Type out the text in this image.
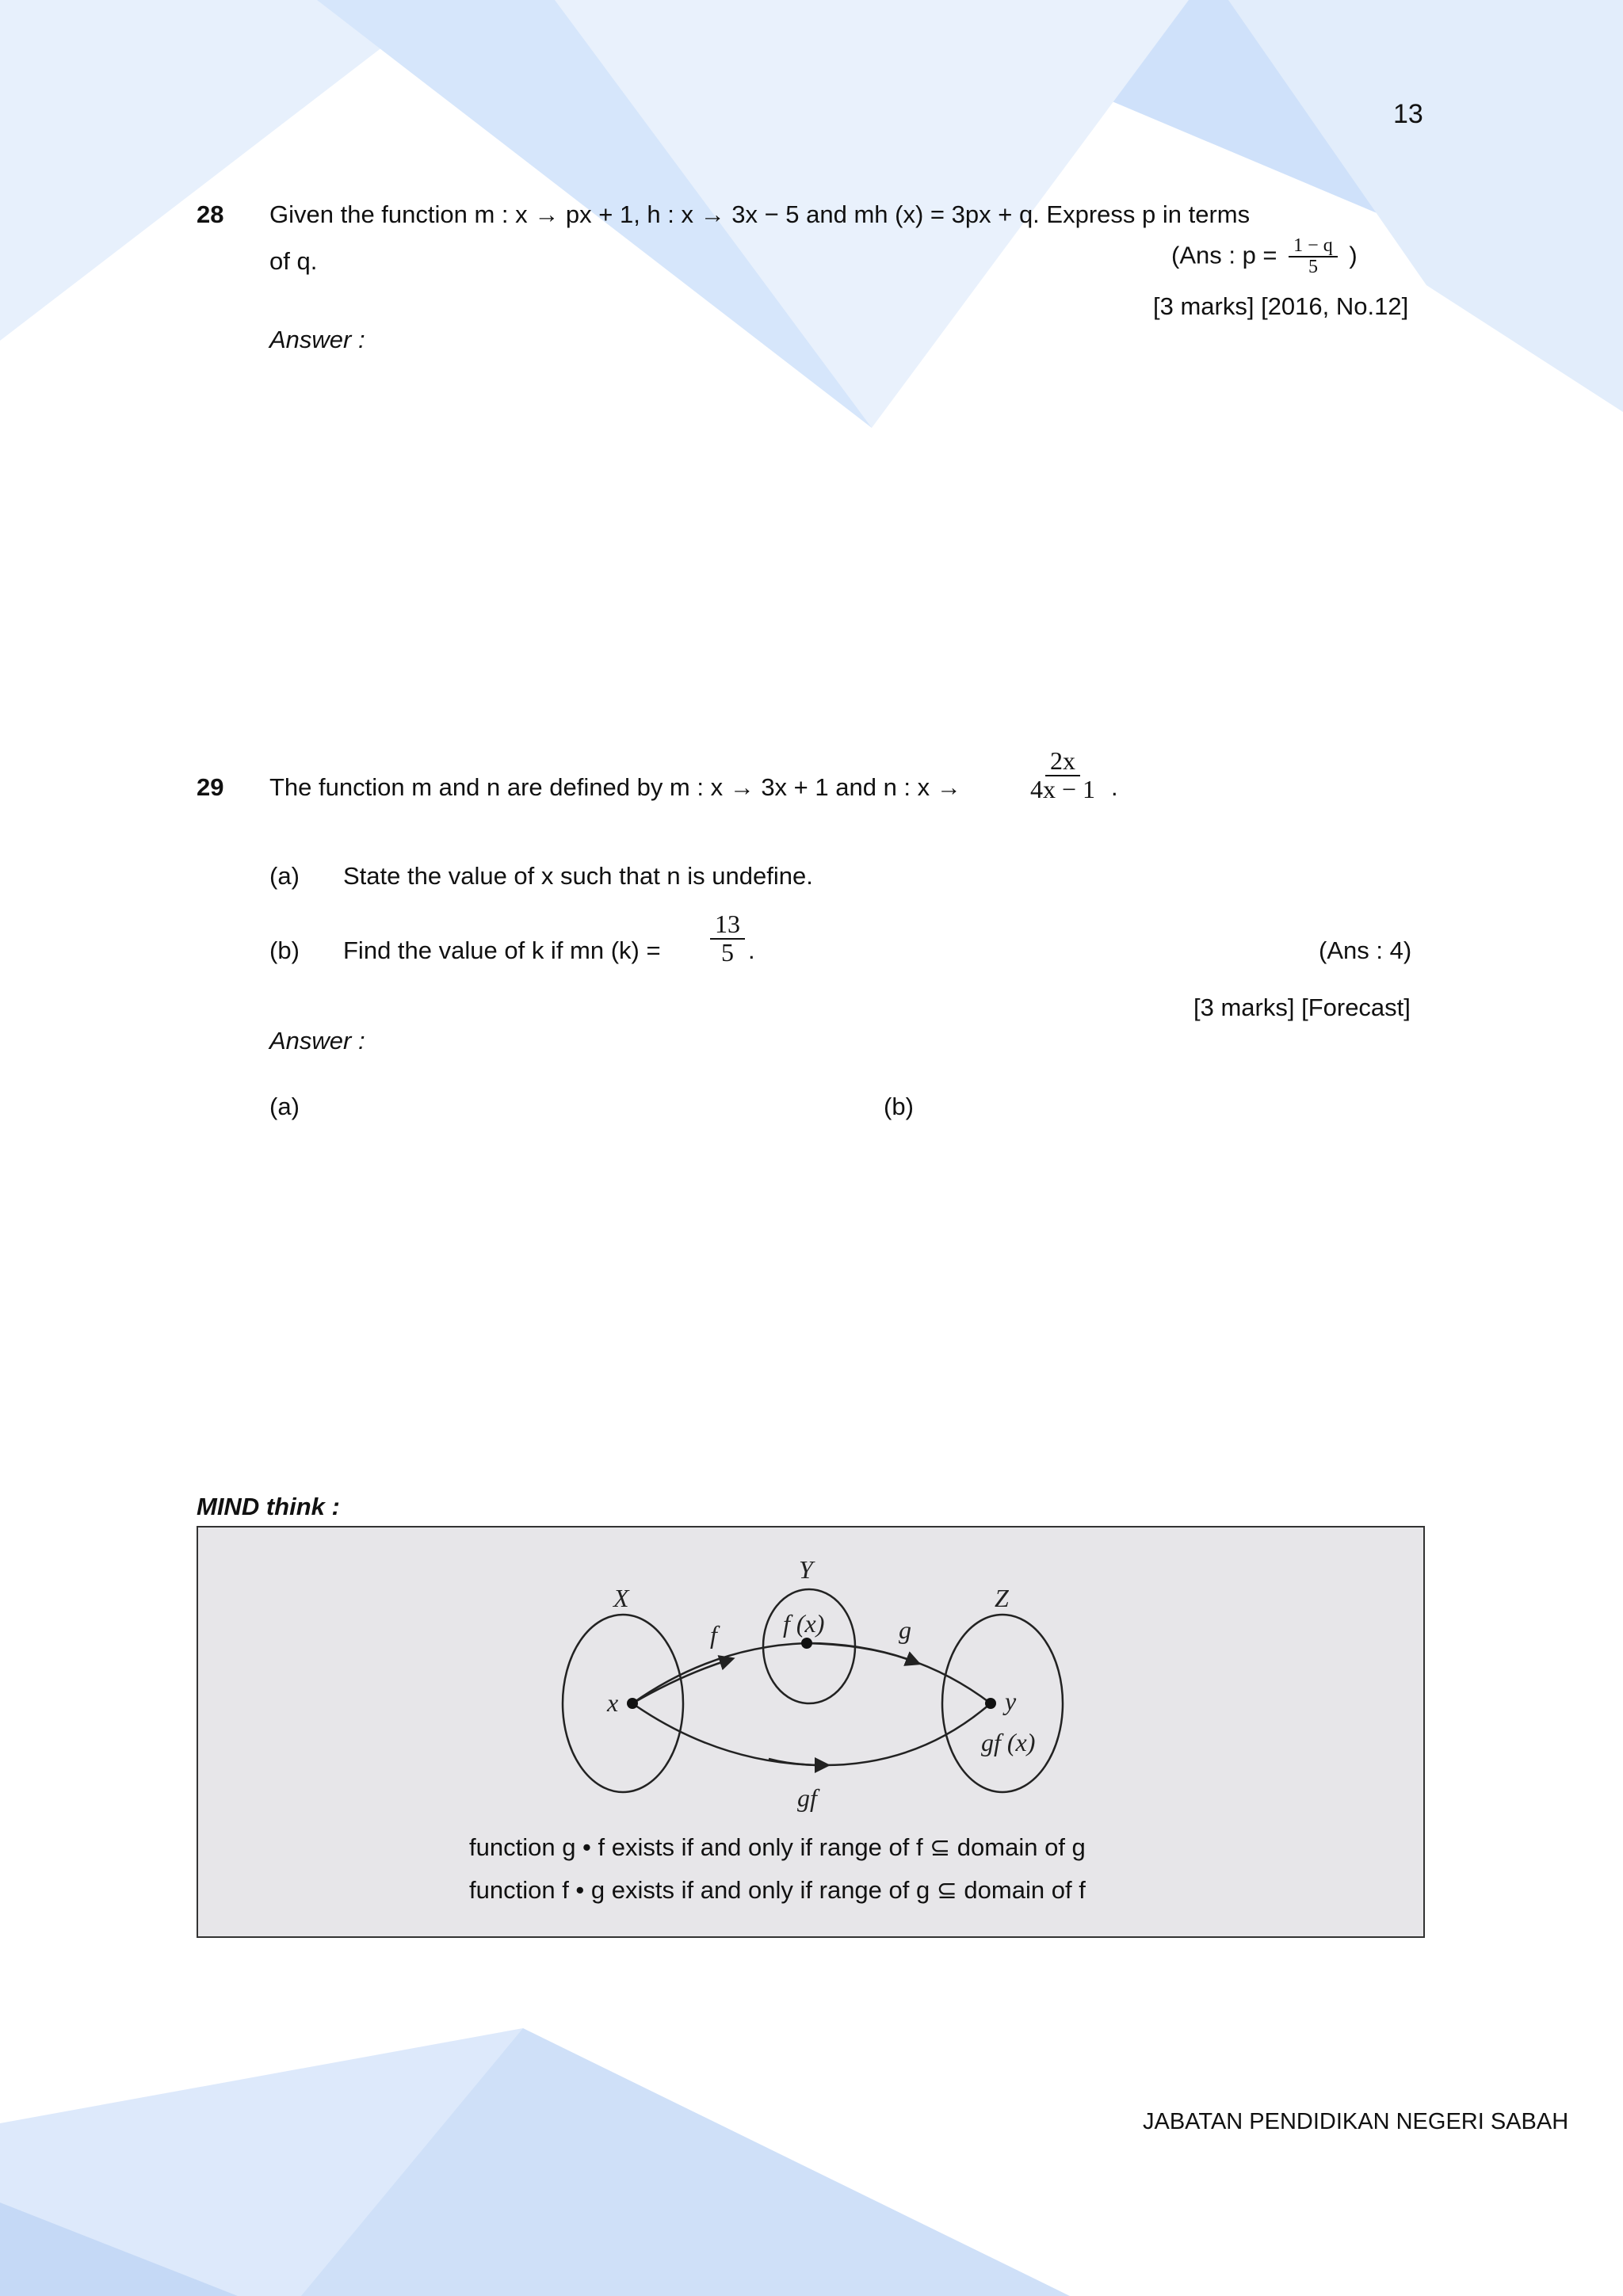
13
28 Given the function m : x → px + 1, h : x → 3x − 5 and mh (x) = 3px + q. Express p in terms
of q.	(Ans : $p = \frac{1 - q}{5}$ )
[3 marks] [2016, No.12]
Answer :
29 The function m and n are defined by m : x → 3x + 1 and n : x →	$\frac{2x}{4x - 1}$ .
(a) State the value of x such that n is undefine.
(b) Find the value of k if mn $(k) = \frac{13}{5}$ .	(Ans : 4)
[3 marks] [Forecast]
Answer :
(a)	(b)
MIND think :
X
Y
Z
x
f (x)
y
gf (x)
f	g
gf
function g • f exists if and only if range of f ⊆ domain of g
function f • g exists if and only if range of g ⊆ domain of f
JABATAN PENDIDIKAN NEGERI SABAH
